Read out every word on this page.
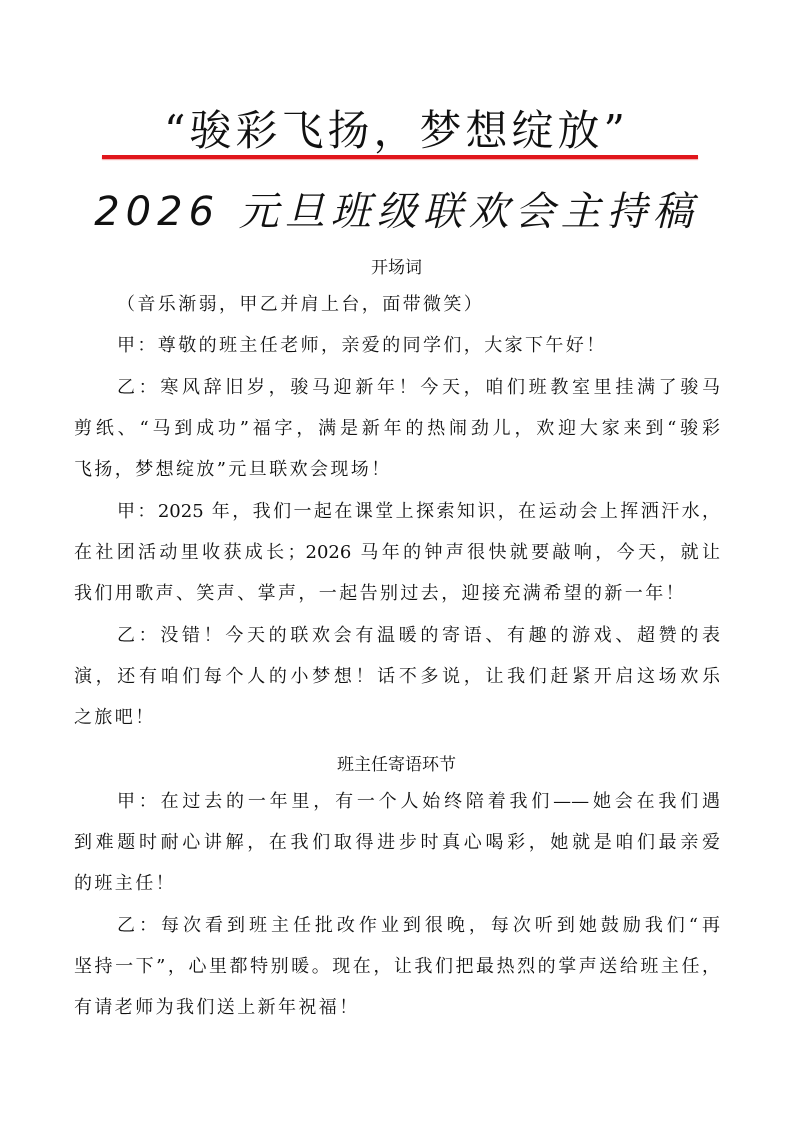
“骏彩飞扬，梦想绽放”
2026 元旦班级联欢会主持稿
开场词
（音乐渐弱，甲乙并肩上台，面带微笑）
甲：尊敬的班主任老师，亲爱的同学们，大家下午好！
乙：寒风辞旧岁，骏马迎新年！今天，咱们班教室里挂满了骏马
剪纸、“马到成功”福字，满是新年的热闹劲儿，欢迎大家来到“骏彩
飞扬，梦想绽放”元旦联欢会现场！
甲：2025 年，我们一起在课堂上探索知识，在运动会上挥洒汗水，
在社团活动里收获成长；2026 马年的钟声很快就要敲响，今天，就让
我们用歌声、笑声、掌声，一起告别过去，迎接充满希望的新一年！
乙：没错！今天的联欢会有温暖的寄语、有趣的游戏、超赞的表
演，还有咱们每个人的小梦想！话不多说，让我们赶紧开启这场欢乐
之旅吧！
班主任寄语环节
甲：在过去的一年里，有一个人始终陪着我们——她会在我们遇
到难题时耐心讲解，在我们取得进步时真心喝彩，她就是咱们最亲爱
的班主任！
乙：每次看到班主任批改作业到很晚，每次听到她鼓励我们“再
坚持一下”，心里都特别暖。现在，让我们把最热烈的掌声送给班主任，
有请老师为我们送上新年祝福！
